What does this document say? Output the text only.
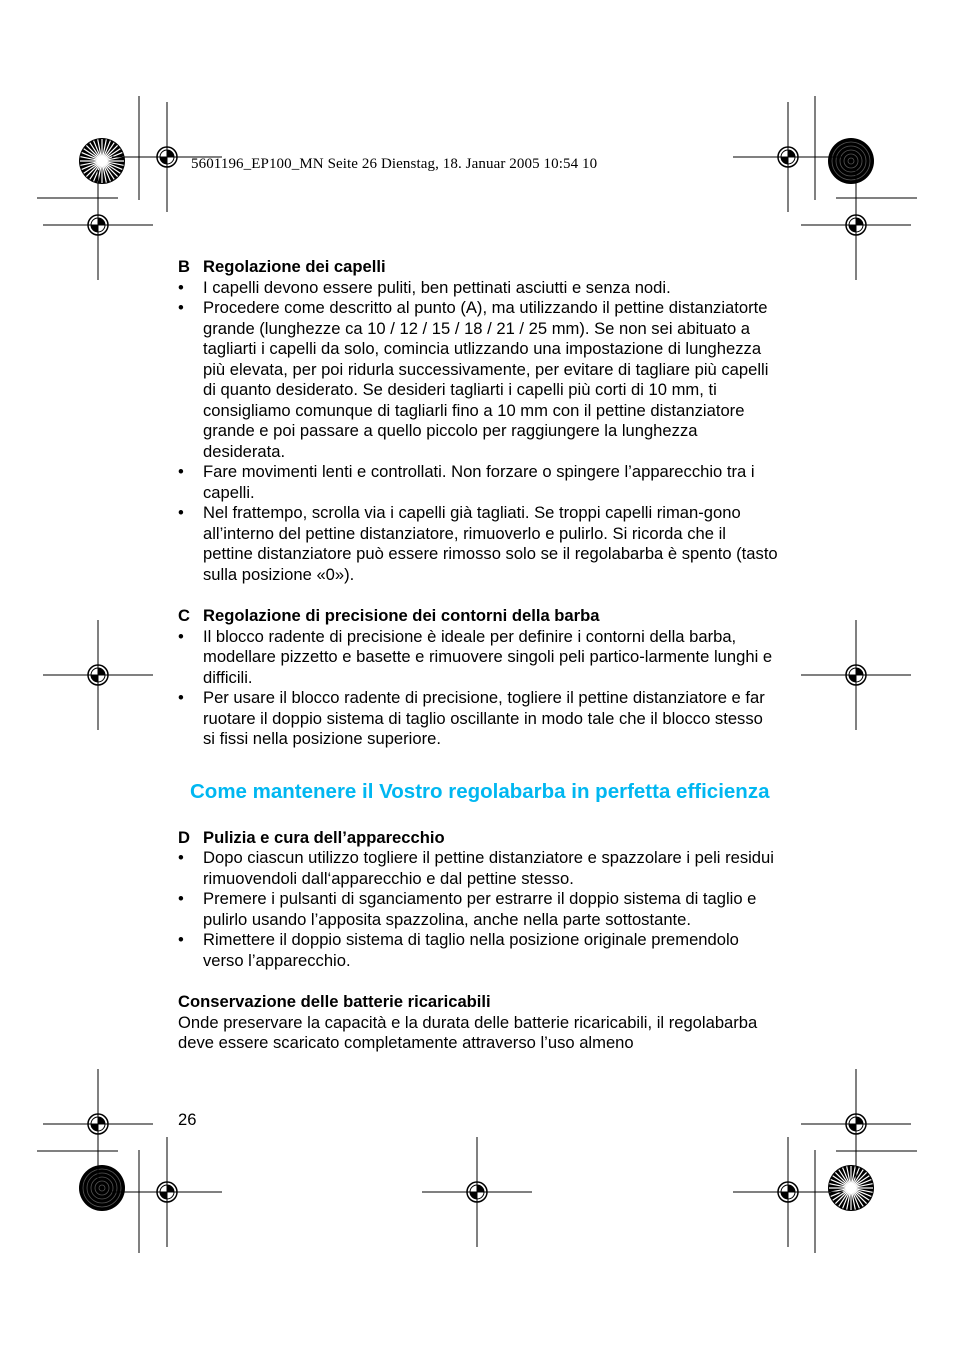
5601196_EP100_MN Seite 26 Dienstag, 18. Januar 2005 10:54 10
B Regolazione dei capelli
• I capelli devono essere puliti, ben pettinati asciutti e senza nodi.
• Procedere come descritto al punto (A), ma utilizzando il pettine distanziatorte grande (lunghezze ca 10 / 12 / 15 / 18 / 21 / 25 mm). Se non sei abituato a tagliarti i capelli da solo, comincia utlizzando una impostazione di lunghezza più elevata, per poi ridurla successivamente, per evitare di tagliare più capelli di quanto desiderato. Se desideri tagliarti i capelli più corti di 10 mm, ti consigliamo comunque di tagliarli fino a 10 mm con il pettine distanziatore grande e poi passare a quello piccolo per raggiungere la lunghezza desiderata.
• Fare movimenti lenti e controllati. Non forzare o spingere l’apparecchio tra i capelli.
• Nel frattempo, scrolla via i capelli già tagliati. Se troppi capelli riman-gono all’interno del pettine distanziatore, rimuoverlo e pulirlo. Si ricorda che il pettine distanziatore può essere rimosso solo se il regolabarba è spento (tasto sulla posizione «0»).
C Regolazione di precisione dei contorni della barba
• Il blocco radente di precisione è ideale per definire i contorni della barba, modellare pizzetto e basette e rimuovere singoli peli partico-larmente lunghi e difficili.
• Per usare il blocco radente di precisione, togliere il pettine distanziatore e far ruotare il doppio sistema di taglio oscillante in modo tale che il blocco stesso si fissi nella posizione superiore.
Come mantenere il Vostro regolabarba in perfetta efficienza
D Pulizia e cura dell’apparecchio
• Dopo ciascun utilizzo togliere il pettine distanziatore e spazzolare i peli residui rimuovendoli dall‘apparecchio e dal pettine stesso.
• Premere i pulsanti di sganciamento per estrarre il doppio sistema di taglio e pulirlo usando l’apposita spazzolina, anche nella parte sottostante.
• Rimettere il doppio sistema di taglio nella posizione originale premendolo verso l’apparecchio.
Conservazione delle batterie ricaricabili
Onde preservare la capacità e la durata delle batterie ricaricabili, il regolabarba deve essere scaricato completamente attraverso l’uso almeno
26
